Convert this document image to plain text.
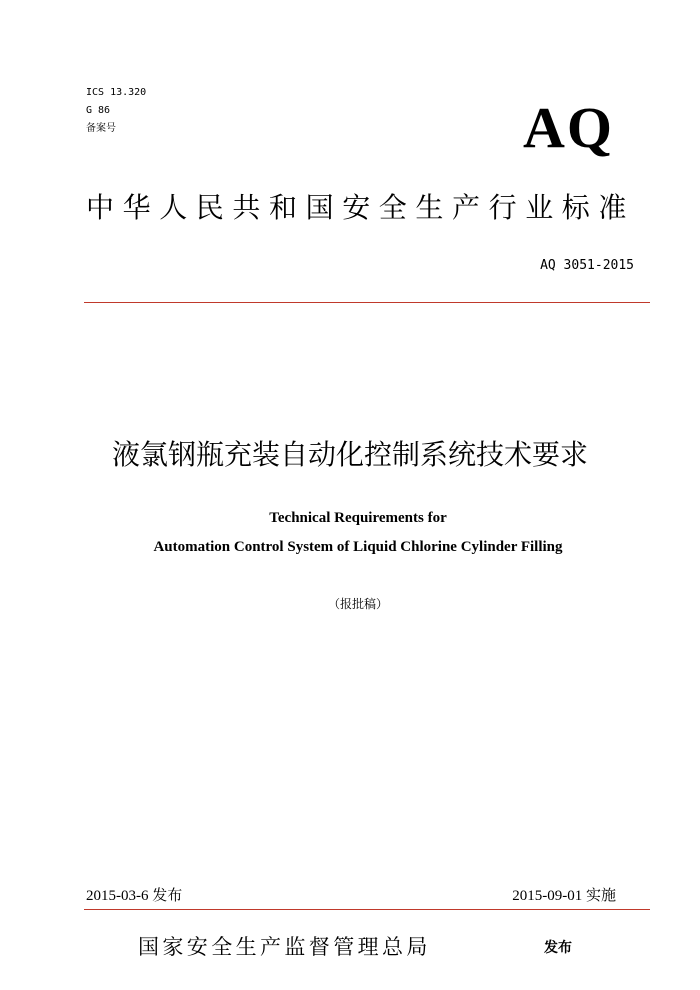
ICS 13.320
G 86
备案号	AQ
中华人民共和国安全生产行业标准
AQ 3051-2015
液氯钢瓶充装自动化控制系统技术要求
Technical Requirements for
Automation Control System of Liquid Chlorine Cylinder Filling
（报批稿）
2015-03-6 发布	2015-09-01 实施
国家安全生产监督管理总局	发布
